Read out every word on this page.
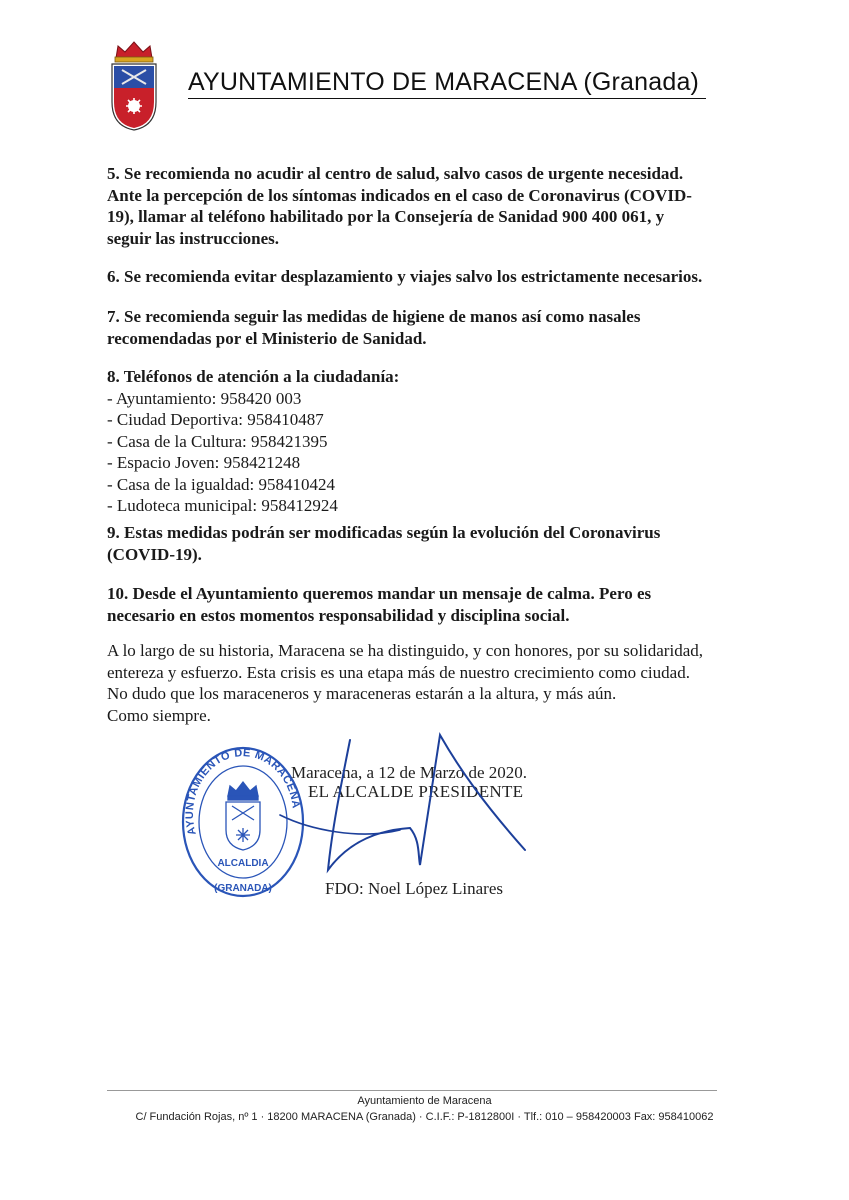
AYUNTAMIENTO DE MARACENA (Granada)
5. Se recomienda no acudir al centro de salud, salvo casos de urgente necesidad.
Ante la percepción de los síntomas indicados en el caso de Coronavirus (COVID-
19), llamar al teléfono habilitado por la Consejería de Sanidad 900 400 061, y
seguir las instrucciones.
6. Se recomienda evitar desplazamiento y viajes salvo los estrictamente necesarios.
7. Se recomienda seguir las medidas de higiene de manos así como nasales
recomendadas por el Ministerio de Sanidad.
8. Teléfonos de atención a la ciudadanía:
- Ayuntamiento: 958420 003
- Ciudad Deportiva: 958410487
- Casa de la Cultura: 958421395
- Espacio Joven: 958421248
- Casa de la igualdad: 958410424
- Ludoteca municipal: 958412924
9. Estas medidas podrán ser modificadas según la evolución del Coronavirus
(COVID-19).
10. Desde el Ayuntamiento queremos mandar un mensaje de calma. Pero es
necesario en estos momentos responsabilidad y disciplina social.
A lo largo de su historia, Maracena se ha distinguido, y con honores, por su solidaridad,
entereza y esfuerzo. Esta crisis es una etapa más de nuestro crecimiento como ciudad.
No dudo que los maraceneros y maraceneras estarán a la altura, y más aún.
Como siempre.
AYUNTAMIENTO DE MARACENA
(GRANADA)
ALCALDIA
Maracena, a 12 de Marzo de 2020.
EL ALCALDE PRESIDENTE
FDO: Noel López Linares
Ayuntamiento de Maracena
C/ Fundación Rojas, nº 1 · 18200 MARACENA (Granada) · C.I.F.: P-1812800I · Tlf.: 010 – 958420003 Fax: 958410062
